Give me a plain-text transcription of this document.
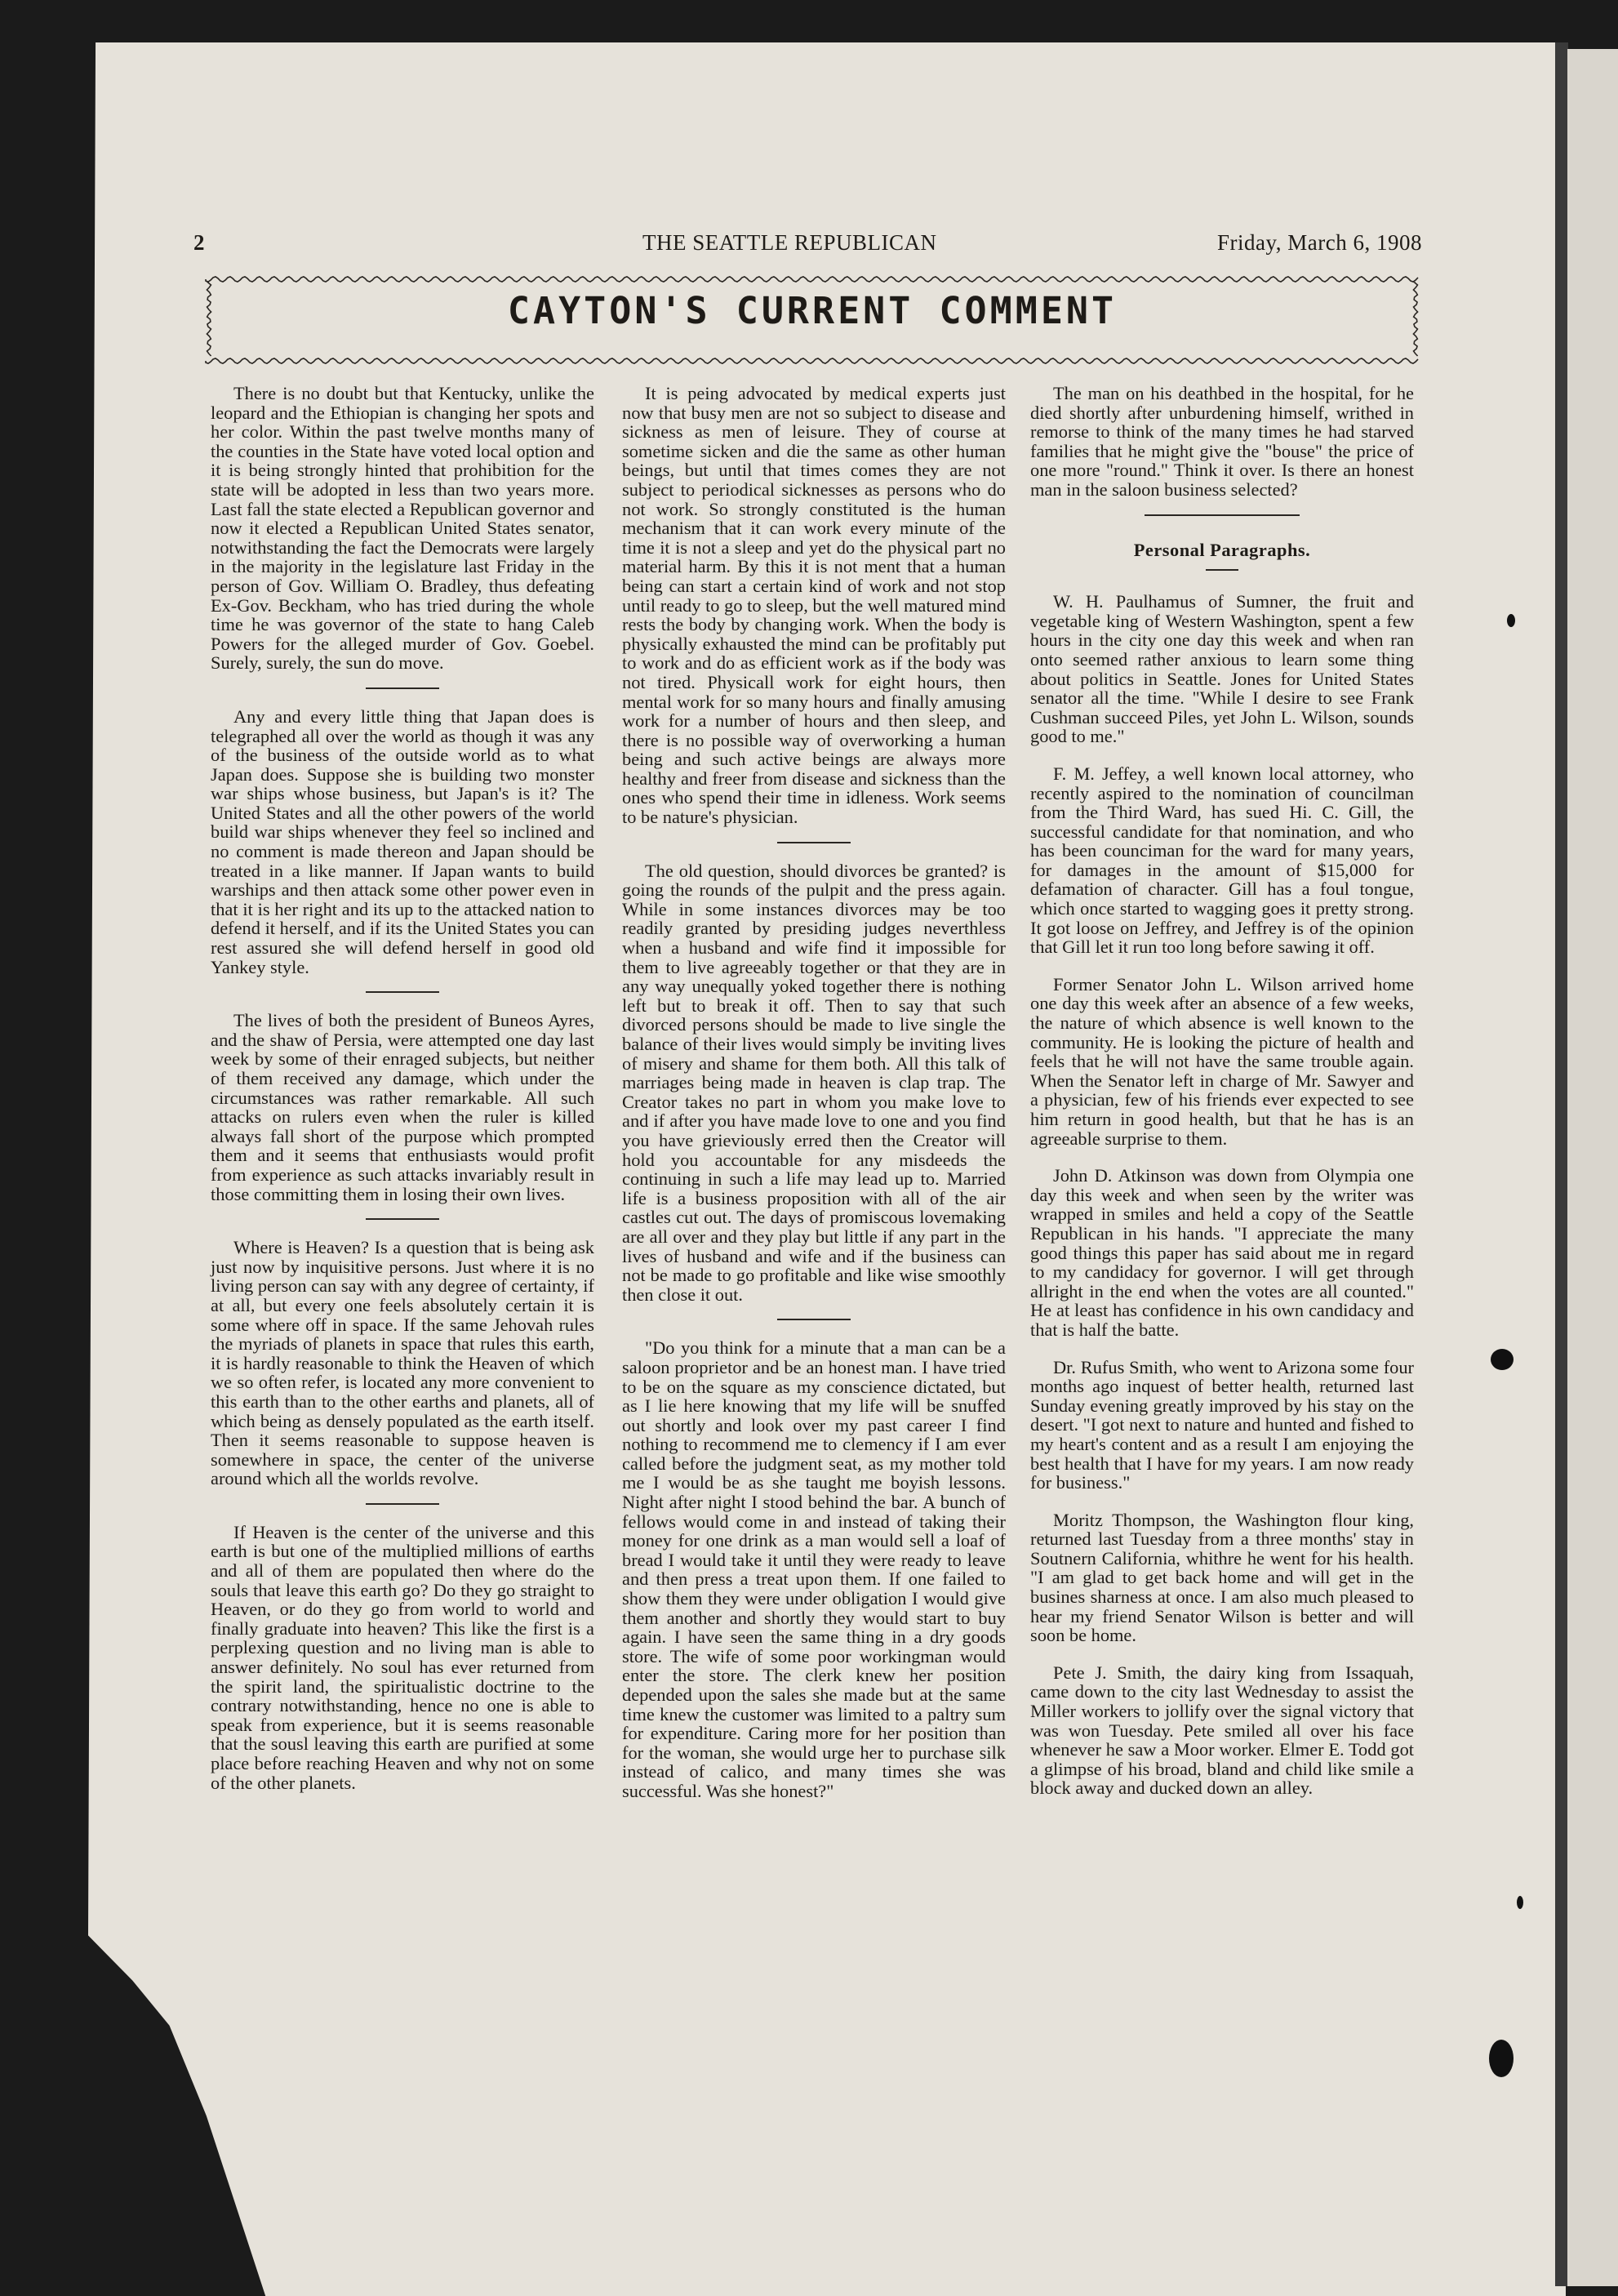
2	THE SEATTLE REPUBLICAN	Friday, March 6, 1908
CAYTON'S CURRENT COMMENT

There is no doubt but that Kentucky, unlike the leopard and the Ethiopian is changing her spots and her color. Within the past twelve months many of the counties in the State have voted local option and it is being strongly hinted that prohibition for the state will be adopted in less than two years more. Last fall the state elected a Republican governor and now it elected a Republican United States senator, notwithstanding the fact the Democrats were largely in the majority in the legislature last Friday in the person of Gov. William O. Bradley, thus defeating Ex-Gov. Beckham, who has tried during the whole time he was governor of the state to hang Caleb Powers for the alleged murder of Gov. Goebel. Surely, surely, the sun do move.

Any and every little thing that Japan does is telegraphed all over the world as though it was any of the business of the outside world as to what Japan does. Suppose she is building two monster war ships whose business, but Japan's is it? The United States and all the other powers of the world build war ships whenever they feel so inclined and no comment is made thereon and Japan should be treated in a like manner. If Japan wants to build warships and then attack some other power even in that it is her right and its up to the attacked nation to defend it herself, and if its the United States you can rest assured she will defend herself in good old Yankey style.

The lives of both the president of Buneos Ayres, and the shaw of Persia, were attempted one day last week by some of their enraged subjects, but neither of them received any damage, which under the circumstances was rather remarkable. All such attacks on rulers even when the ruler is killed always fall short of the purpose which prompted them and it seems that enthusiasts would profit from experience as such attacks invariably result in those committing them in losing their own lives.

Where is Heaven? Is a question that is being ask just now by inquisitive persons. Just where it is no living person can say with any degree of certainty, if at all, but every one feels absolutely certain it is some where off in space. If the same Jehovah rules the myriads of planets in space that rules this earth, it is hardly reasonable to think the Heaven of which we so often refer, is located any more convenient to this earth than to the other earths and planets, all of which being as densely populated as the earth itself. Then it seems reasonable to suppose heaven is somewhere in space, the center of the universe around which all the worlds revolve.

If Heaven is the center of the universe and this earth is but one of the multiplied millions of earths and all of them are populated then where do the souls that leave this earth go? Do they go straight to Heaven, or do they go from world to world and finally graduate into heaven? This like the first is a perplexing question and no living man is able to answer definitely. No soul has ever returned from the spirit land, the spiritualistic doctrine to the contrary notwithstanding, hence no one is able to speak from experience, but it is seems reasonable that the sousl leaving this earth are purified at some place before reaching Heaven and why not on some of the other planets.

It is peing advocated by medical experts just now that busy men are not so subject to disease and sickness as men of leisure. They of course at sometime sicken and die the same as other human beings, but until that times comes they are not subject to periodical sicknesses as persons who do not work. So strongly constituted is the human mechanism that it can work every minute of the time it is not a sleep and yet do the physical part no material harm. By this it is not ment that a human being can start a certain kind of work and not stop until ready to go to sleep, but the well matured mind rests the body by changing work. When the body is physically exhausted the mind can be profitably put to work and do as efficient work as if the body was not tired. Physicall work for eight hours, then mental work for so many hours and finally amusing work for a number of hours and then sleep, and there is no possible way of overworking a human being and such active beings are always more healthy and freer from disease and sickness than the ones who spend their time in idleness. Work seems to be nature's physician.

The old question, should divorces be granted? is going the rounds of the pulpit and the press again. While in some instances divorces may be too readily granted by presiding judges neverthless when a husband and wife find it impossible for them to live agreeably together or that they are in any way unequally yoked together there is nothing left but to break it off. Then to say that such divorced persons should be made to live single the balance of their lives would simply be inviting lives of misery and shame for them both. All this talk of marriages being made in heaven is clap trap. The Creator takes no part in whom you make love to and if after you have made love to one and you find you have grieviously erred then the Creator will hold you accountable for any misdeeds the continuing in such a life may lead up to. Married life is a business proposition with all of the air castles cut out. The days of promiscous lovemaking are all over and they play but little if any part in the lives of husband and wife and if the business can not be made to go profitable and like wise smoothly then close it out.

"Do you think for a minute that a man can be a saloon proprietor and be an honest man. I have tried to be on the square as my conscience dictated, but as I lie here knowing that my life will be snuffed out shortly and look over my past career I find nothing to recommend me to clemency if I am ever called before the judgment seat, as my mother told me I would be as she taught me boyish lessons. Night after night I stood behind the bar. A bunch of fellows would come in and instead of taking their money for one drink as a man would sell a loaf of bread I would take it until they were ready to leave and then press a treat upon them. If one failed to show them they were under obligation I would give them another and shortly they would start to buy again. I have seen the same thing in a dry goods store. The wife of some poor workingman would enter the store. The clerk knew her position depended upon the sales she made but at the same time knew the customer was limited to a paltry sum for expenditure. Caring more for her position than for the woman, she would urge her to purchase silk instead of calico, and many times she was successful. Was she honest?"

The man on his deathbed in the hospital, for he died shortly after unburdening himself, writhed in remorse to think of the many times he had starved families that he might give the "bouse" the price of one more "round." Think it over. Is there an honest man in the saloon business selected?

Personal Paragraphs.

W. H. Paulhamus of Sumner, the fruit and vegetable king of Western Washington, spent a few hours in the city one day this week and when ran onto seemed rather anxious to learn some thing about politics in Seattle. Jones for United States senator all the time. "While I desire to see Frank Cushman succeed Piles, yet John L. Wilson, sounds good to me."

F. M. Jeffey, a well known local attorney, who recently aspired to the nomination of councilman from the Third Ward, has sued Hi. C. Gill, the successful candidate for that nomination, and who has been counciman for the ward for many years, for damages in the amount of $15,000 for defamation of character. Gill has a foul tongue, which once started to wagging goes it pretty strong. It got loose on Jeffrey, and Jeffrey is of the opinion that Gill let it run too long before sawing it off.

Former Senator John L. Wilson arrived home one day this week after an absence of a few weeks, the nature of which absence is well known to the community. He is looking the picture of health and feels that he will not have the same trouble again. When the Senator left in charge of Mr. Sawyer and a physician, few of his friends ever expected to see him return in good health, but that he has is an agreeable surprise to them.

John D. Atkinson was down from Olympia one day this week and when seen by the writer was wrapped in smiles and held a copy of the Seattle Republican in his hands. "I appreciate the many good things this paper has said about me in regard to my candidacy for governor. I will get through allright in the end when the votes are all counted." He at least has confidence in his own candidacy and that is half the batte.

Dr. Rufus Smith, who went to Arizona some four months ago inquest of better health, returned last Sunday evening greatly improved by his stay on the desert. "I got next to nature and hunted and fished to my heart's content and as a result I am enjoying the best health that I have for my years. I am now ready for business."

Moritz Thompson, the Washington flour king, returned last Tuesday from a three months' stay in Soutnern California, whithre he went for his health. "I am glad to get back home and will get in the busines sharness at once. I am also much pleased to hear my friend Senator Wilson is better and will soon be home.

Pete J. Smith, the dairy king from Issaquah, came down to the city last Wednesday to assist the Miller workers to jollify over the signal victory that was won Tuesday. Pete smiled all over his face whenever he saw a Moor worker. Elmer E. Todd got a glimpse of his broad, bland and child like smile a block away and ducked down an alley.
